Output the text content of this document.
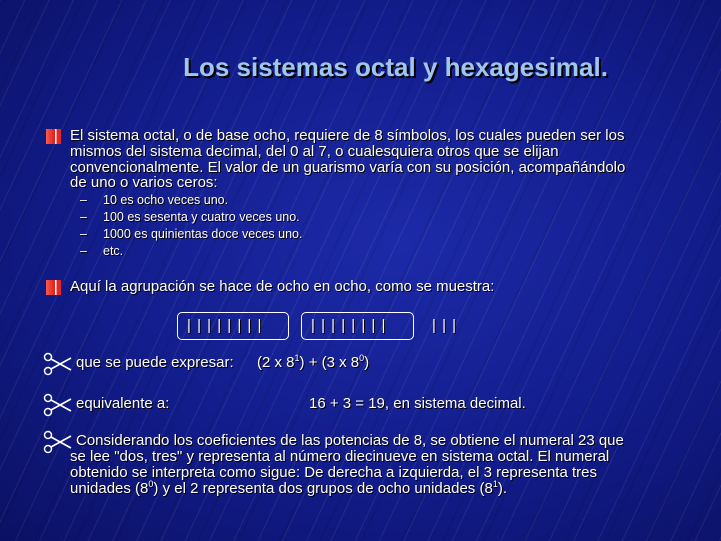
Los sistemas octal y hexagesimal.
El sistema octal, o de base ocho, requiere de 8 símbolos, los cuales pueden ser los
mismos del sistema decimal, del 0 al 7, o cualesquiera otros que se elijan
convencionalmente. El valor de un guarismo varía con su posición, acompañándolo
de uno o varios ceros:
– 10 es ocho veces uno.
– 100 es sesenta y cuatro veces uno.
– 1000 es quinientas doce veces uno.
– etc.
Aquí la agrupación se hace de ocho en ocho, como se muestra:
| | | | | | | |	| | | | | | | |	| | |
que se puede expresar: (2 x $8^1) + (3$ x $8^0$)
equivalente a:	16 + 3 = 19, en sistema decimal.
Considerando los coeficientes de las potencias de 8, se obtiene el numeral 23 que
se lee "dos, tres" y representa al número diecinueve en sistema octal. El numeral
obtenido se interpreta como sigue: De derecha a izquierda, el 3 representa tres
unidades $(8^0)$ y el 2 representa dos grupos de ocho unidades $(8^1)$.
